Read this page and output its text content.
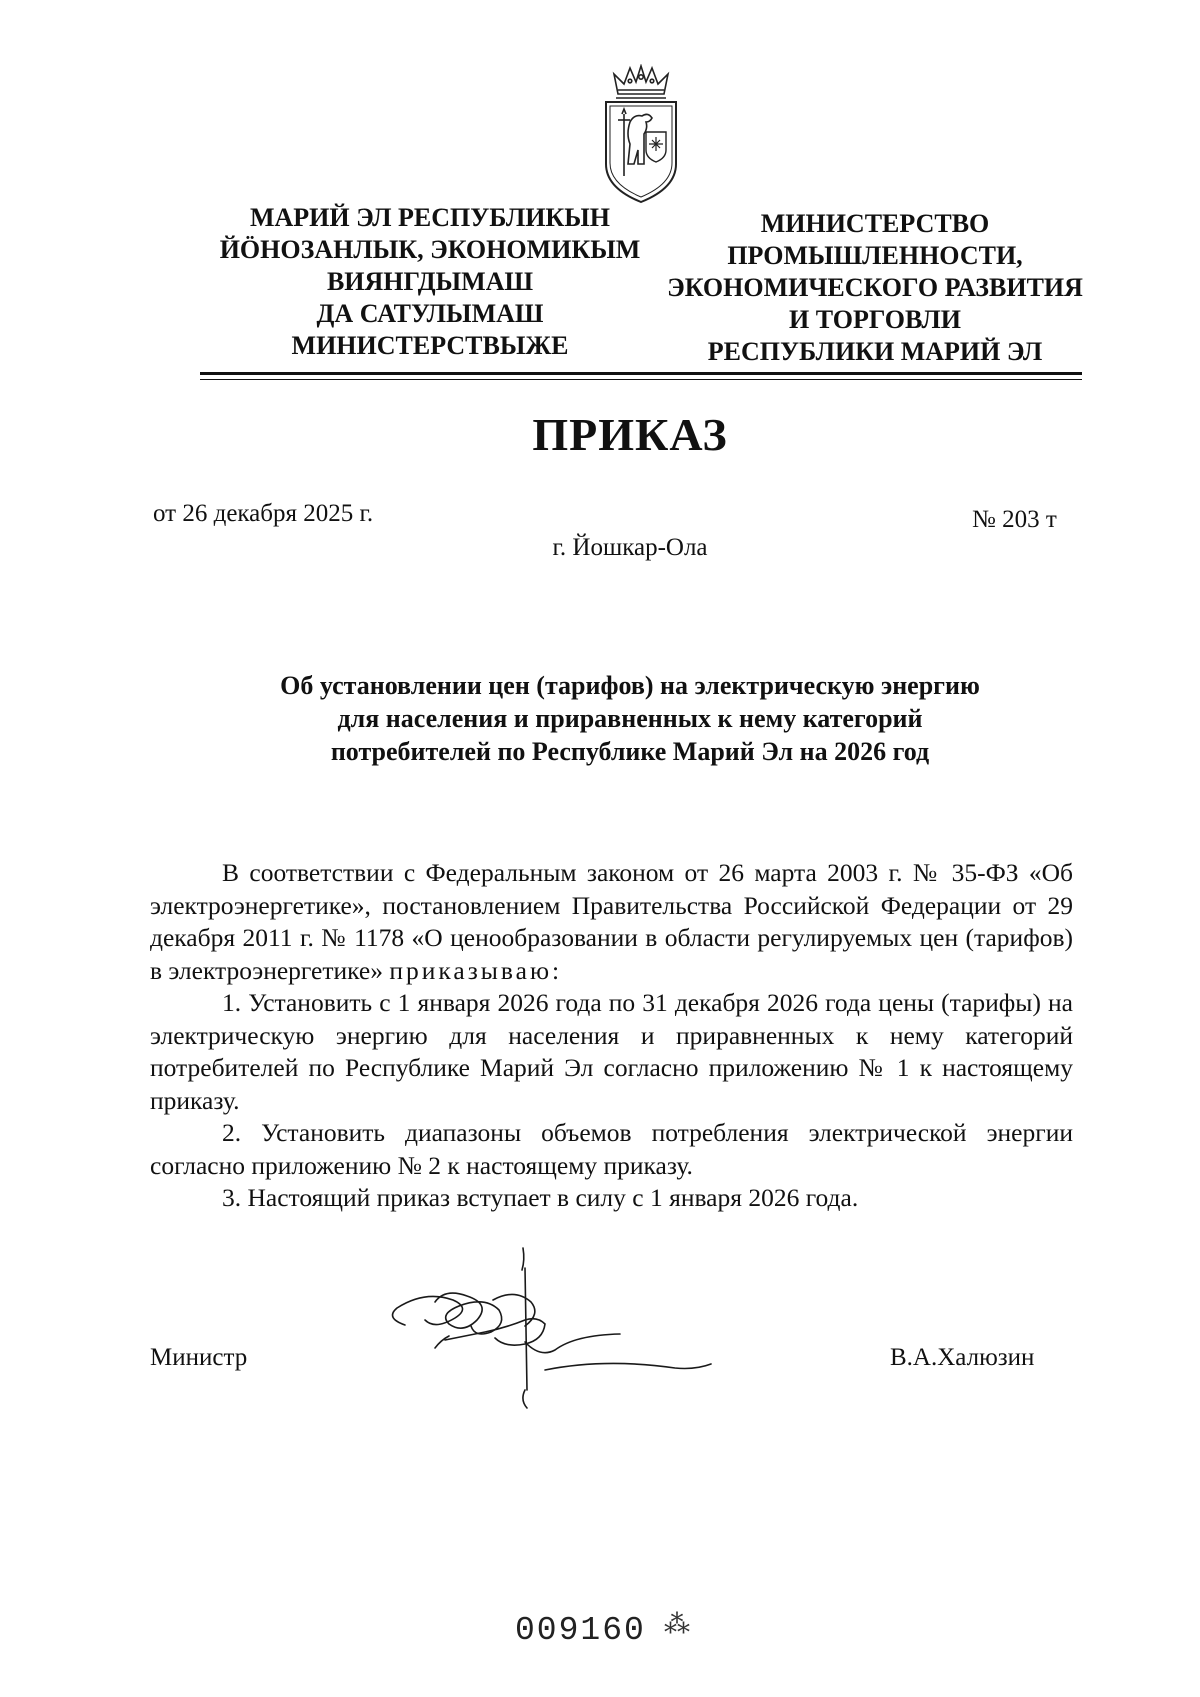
МАРИЙ ЭЛ РЕСПУБЛИКЫН
ЙӦНОЗАНЛЫК, ЭКОНОМИКЫМ
ВИЯНГДЫМАШ
ДА САТУЛЫМАШ
МИНИСТЕРСТВЫЖЕ
МИНИСТЕРСТВО
ПРОМЫШЛЕННОСТИ,
ЭКОНОМИЧЕСКОГО РАЗВИТИЯ
И ТОРГОВЛИ
РЕСПУБЛИКИ МАРИЙ ЭЛ
ПРИКАЗ
от 26 декабря 2025 г.	№ 203 т
г. Йошкар-Ола
Об установлении цен (тарифов) на электрическую энергию
для населения и приравненных к нему категорий
потребителей по Республике Марий Эл на 2026 год

В соответствии с Федеральным законом от 26 марта 2003 г. № 35-ФЗ «Об электроэнергетике», постановлением Правительства Российской Федерации от 29 декабря 2011 г. № 1178 «О ценообразовании в области регулируемых цен (тарифов) в электроэнергетике» приказываю:

1. Установить с 1 января 2026 года по 31 декабря 2026 года цены (тарифы) на электрическую энергию для населения и приравненных к нему категорий потребителей по Республике Марий Эл согласно приложению № 1 к настоящему приказу.

2. Установить диапазоны объемов потребления электрической энергии согласно приложению № 2 к настоящему приказу.

3. Настоящий приказ вступает в силу с 1 января 2026 года.

Министр	В.А.Халюзин
009160 ⁂
